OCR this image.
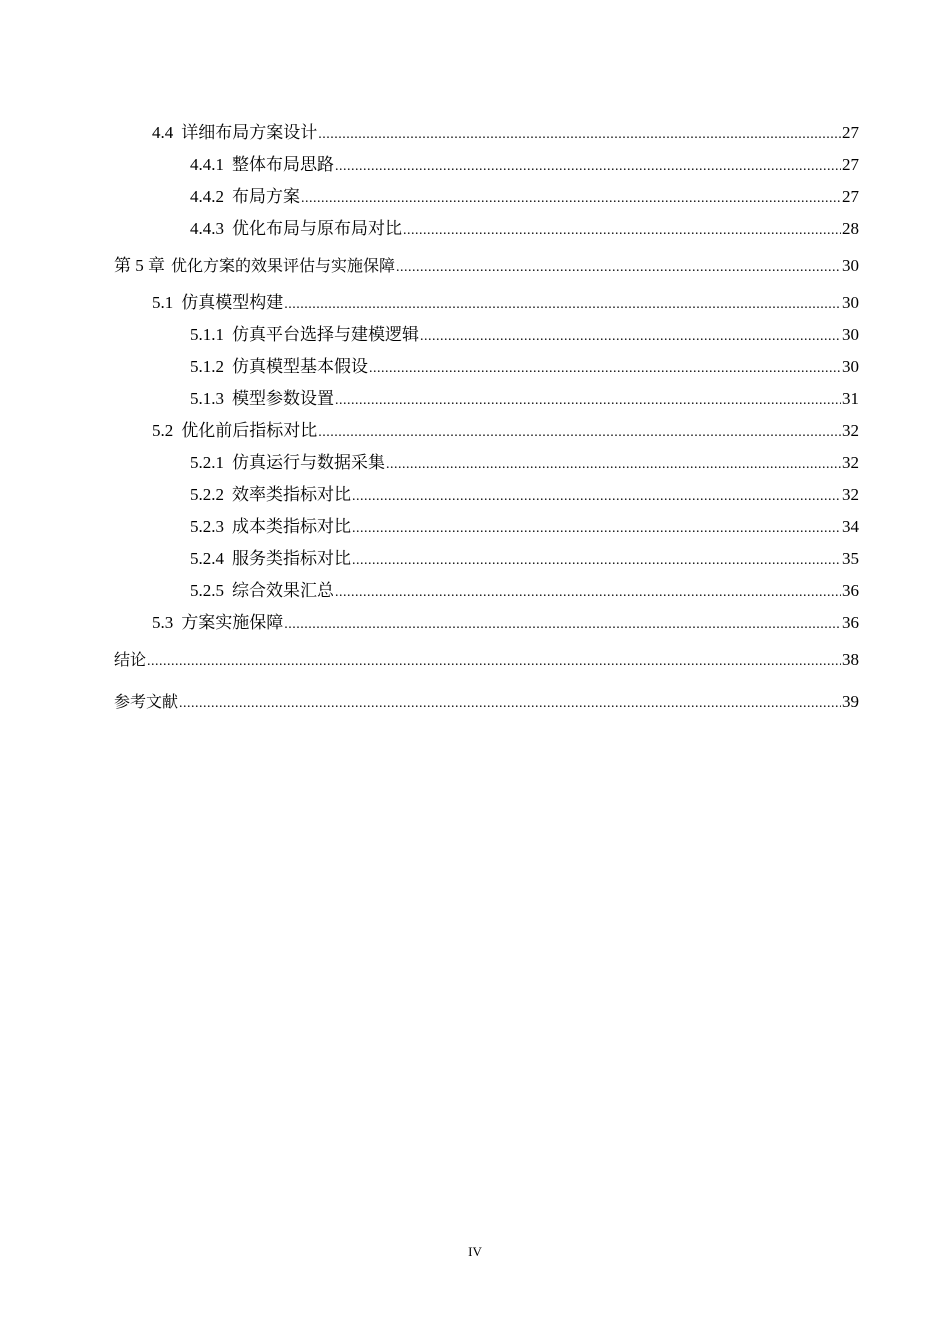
4.4 详细布局方案设计 .....	27
4.4.1 整体布局思路 .....	27
4.4.2 布局方案 .....	27
4.4.3 优化布局与原布局对比 .....	28
第 5 章 优化方案的效果评估与实施保障 .....	30
5.1 仿真模型构建 .....	30
5.1.1 仿真平台选择与建模逻辑 .....	30
5.1.2 仿真模型基本假设 .....	30
5.1.3 模型参数设置 .....	31
5.2 优化前后指标对比 .....	32
5.2.1 仿真运行与数据采集 .....	32
5.2.2 效率类指标对比 .....	32
5.2.3 成本类指标对比 .....	34
5.2.4 服务类指标对比 .....	35
5.2.5 综合效果汇总 .....	36
5.3 方案实施保障 .....	36
结论 .....	38
参考文献 .....	39
IV
